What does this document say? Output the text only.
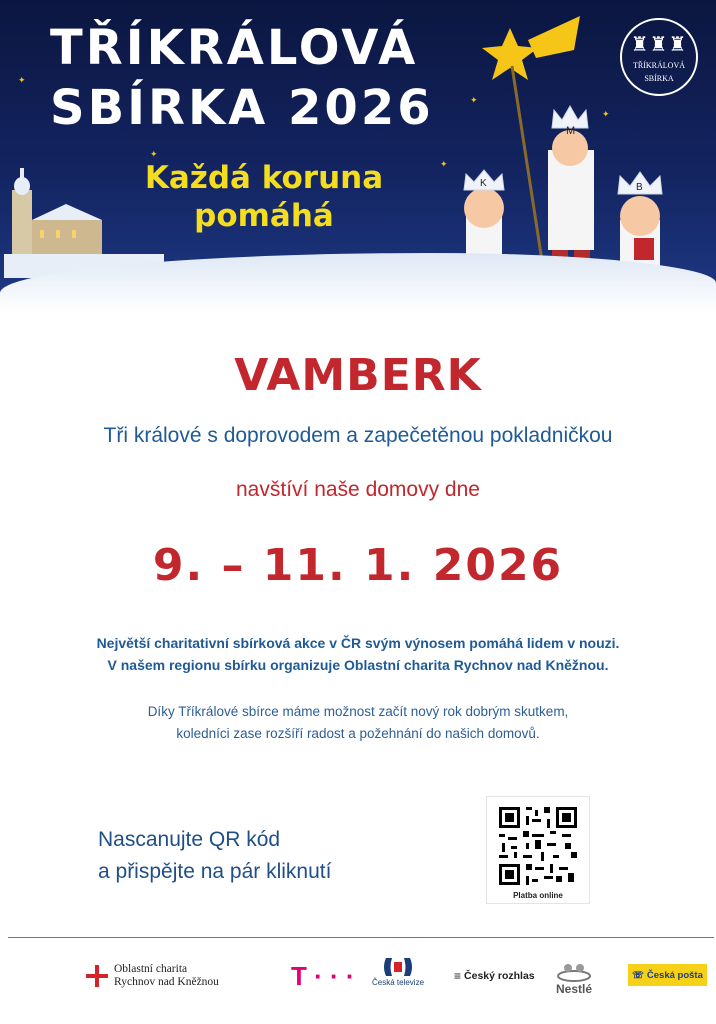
✦
✦
✦
✦
✦
TŘÍKRÁLOVÁ
SBÍRKA 2026
Každá koruna
pomáhá
♜♜♜
TŘÍKRÁLOVÁ
SBÍRKA
M
K	B
VAMBERK
Tři králové s doprovodem a zapečetěnou pokladničkou
navštíví naše domovy dne
9. – 11. 1. 2026
Největší charitativní sbírková akce v ČR svým výnosem pomáhá lidem v nouzi.
V našem regionu sbírku organizuje Oblastní charita Rychnov nad Kněžnou.
Díky Tříkrálové sbírce máme možnost začít nový rok dobrým skutkem,
koledníci zase rozšíří radost a požehnání do našich domovů.
Nascanujte QR kód
a přispějte na pár kliknutí
Platba online
Oblastní charita
Rychnov nad Kněžnou	T · · · Česká televize ≡ Český rozhlas
Nestlé
☏ Česká pošta
